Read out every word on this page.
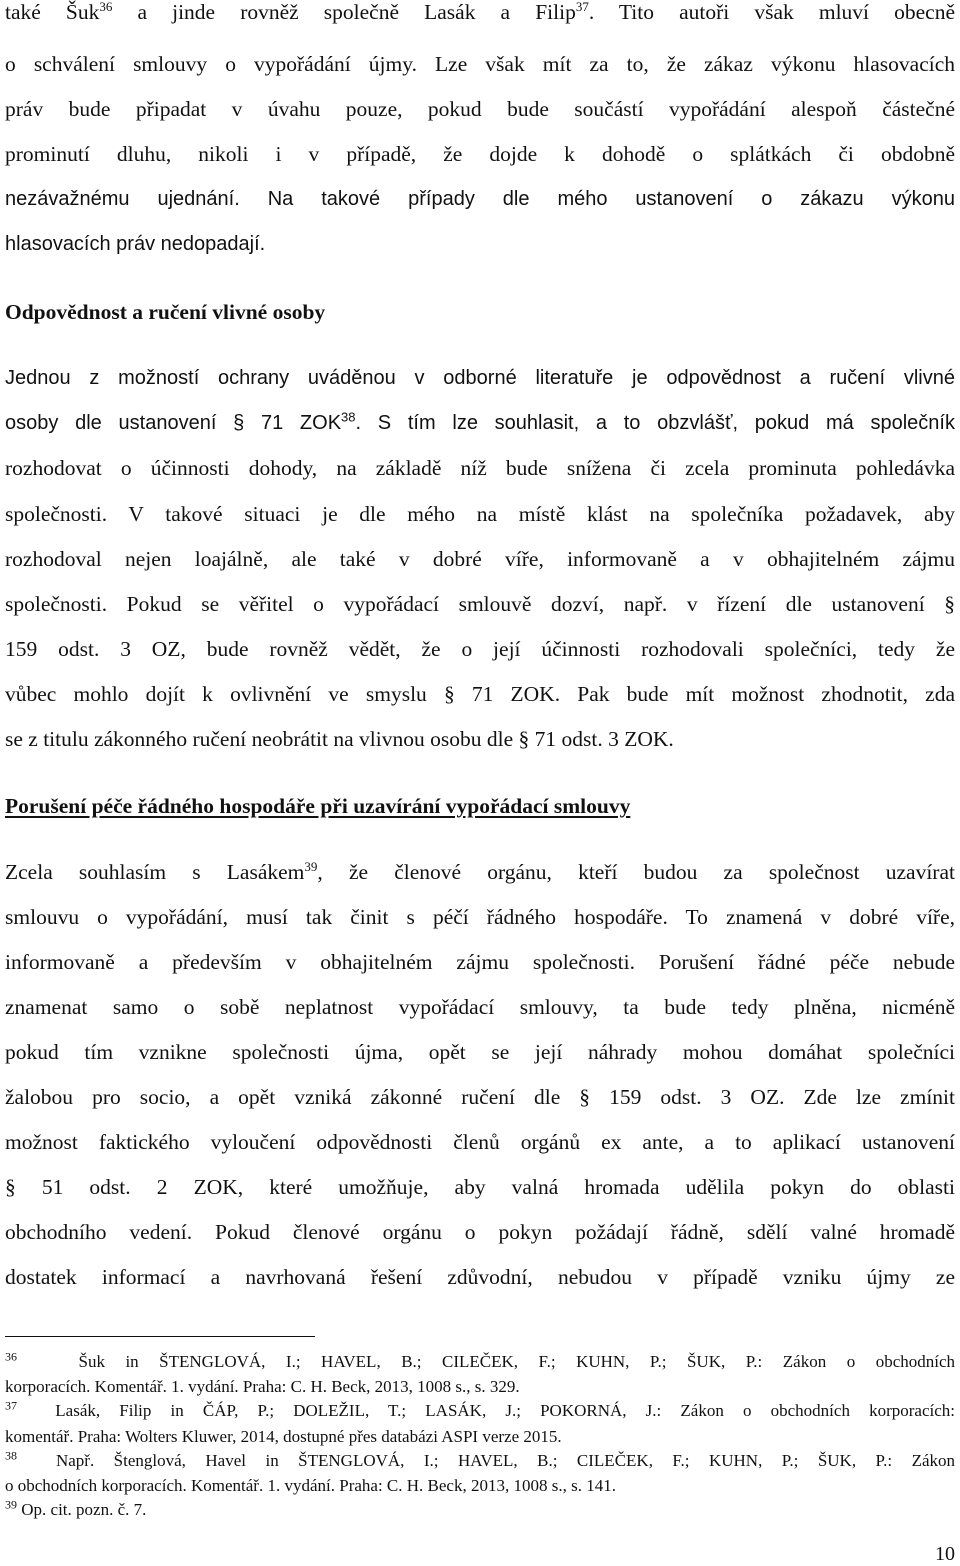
také Šuk$^{36}$ a jinde rovněž společně Lasák a Filip$^{37}$. Tito autoři však mluví obecně

o schválení smlouvy o vypořádání újmy. Lze však mít za to, že zákaz výkonu hlasovacích

práv bude připadat v úvahu pouze, pokud bude součástí vypořádání alespoň částečné

prominutí dluhu, nikoli i v případě, že dojde k dohodě o splátkách či obdobně

nezávažnému ujednání. Na takové případy dle mého ustanovení o zákazu výkonu

hlasovacích práv nedopadají.

Odpovědnost a ručení vlivné osoby

Jednou z možností ochrany uváděnou v odborné literatuře je odpovědnost a ručení vlivné

osoby dle ustanovení § 71 ZOK$^{38}$. S tím lze souhlasit, a to obzvlášť, pokud má společník

rozhodovat o účinnosti dohody, na základě níž bude snížena či zcela prominuta pohledávka

společnosti. V takové situaci je dle mého na místě klást na společníka požadavek, aby

rozhodoval nejen loajálně, ale také v dobré víře, informovaně a v obhajitelném zájmu

společnosti. Pokud se věřitel o vypořádací smlouvě dozví, např. v řízení dle ustanovení §

159 odst. 3 OZ, bude rovněž vědět, že o její účinnosti rozhodovali společníci, tedy že

vůbec mohlo dojít k ovlivnění ve smyslu § 71 ZOK. Pak bude mít možnost zhodnotit, zda

se z titulu zákonného ručení neobrátit na vlivnou osobu dle § 71 odst. 3 ZOK.

Porušení péče řádného hospodáře při uzavírání vypořádací smlouvy

Zcela souhlasím s Lasákem$^{39}$, že členové orgánu, kteří budou za společnost uzavírat

smlouvu o vypořádání, musí tak činit s péčí řádného hospodáře. To znamená v dobré víře,

informovaně a především v obhajitelném zájmu společnosti. Porušení řádné péče nebude

znamenat samo o sobě neplatnost vypořádací smlouvy, ta bude tedy plněna, nicméně

pokud tím vznikne společnosti újma, opět se její náhrady mohou domáhat společníci

žalobou pro socio, a opět vzniká zákonné ručení dle § 159 odst. 3 OZ. Zde lze zmínit

možnost faktického vyloučení odpovědnosti členů orgánů ex ante, a to aplikací ustanovení

§ 51 odst. 2 ZOK, které umožňuje, aby valná hromada udělila pokyn do oblasti

obchodního vedení. Pokud členové orgánu o pokyn požádají řádně, sdělí valné hromadě

dostatek informací a navrhovaná řešení zdůvodní, nebudou v případě vzniku újmy ze

$^{36}$	Šuk in ŠTENGLOVÁ, I.; HAVEL, B.; CILEČEK, F.; KUHN, P.; ŠUK, P.: Zákon o obchodních

korporacích. Komentář. 1. vydání. Praha: C. H. Beck, 2013, 1008 s., s. 329.

$^{37}$ Lasák, Filip in ČÁP, P.; DOLEŽIL, T.; LASÁK, J.; POKORNÁ, J.: Zákon o obchodních korporacích:

komentář. Praha: Wolters Kluwer, 2014, dostupné přes databázi ASPI verze 2015.

$^{38}$ Např. Štenglová, Havel in ŠTENGLOVÁ, I.; HAVEL, B.; CILEČEK, F.; KUHN, P.; ŠUK, P.: Zákon

o obchodních korporacích. Komentář. 1. vydání. Praha: C. H. Beck, 2013, 1008 s., s. 141.

$^{39}$ Op. cit. pozn. č. 7.

10
